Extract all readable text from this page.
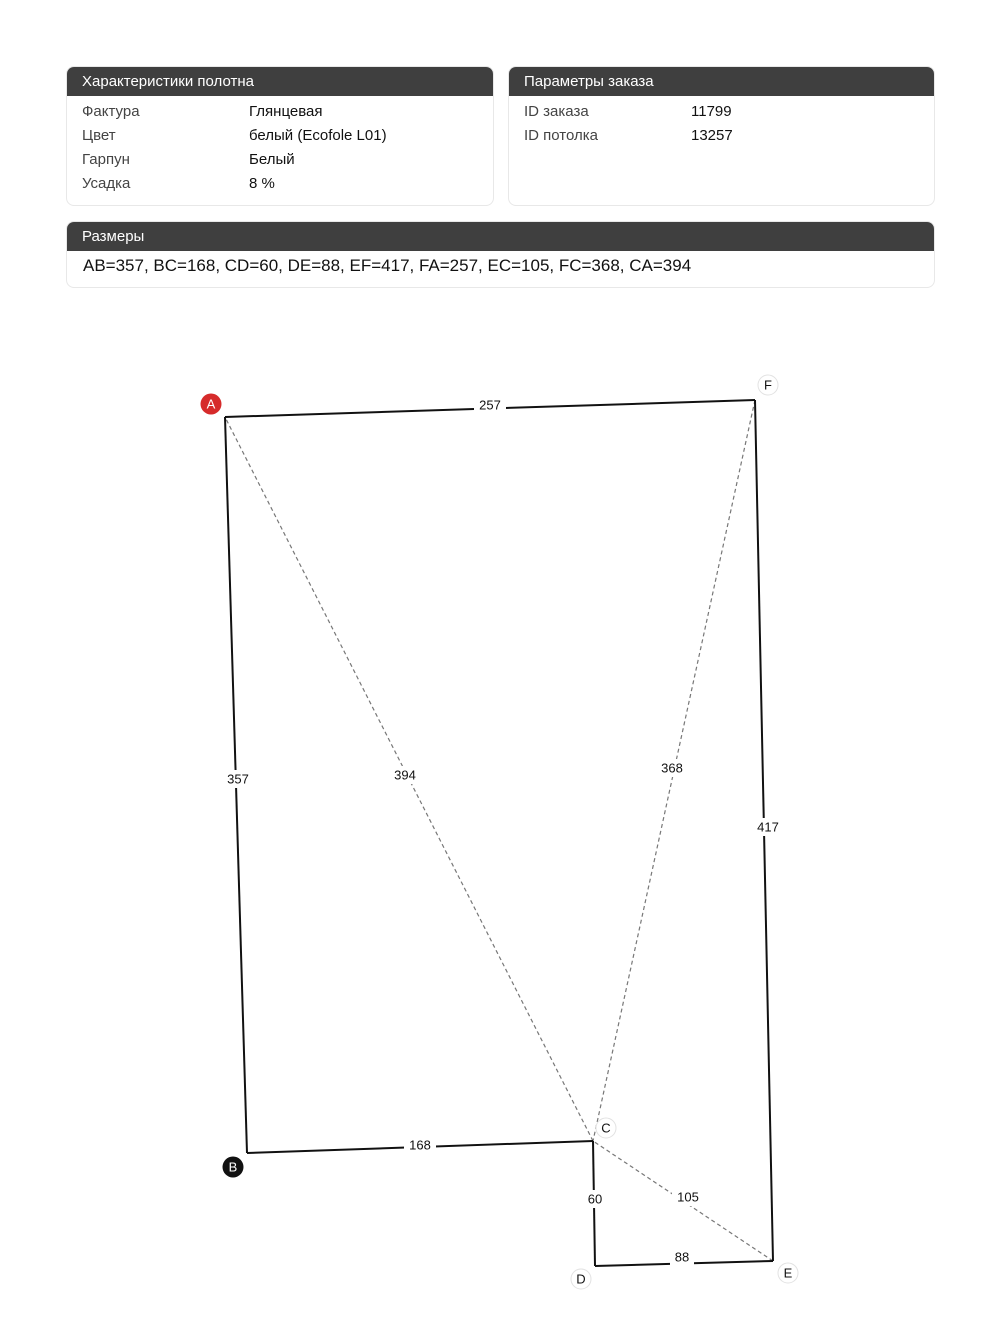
Характеристики полотна
Фактура	Глянцевая
Цвет	белый (Ecofole L01)
Гарпун	Белый
Усадка	8 %
Параметры заказа
ID заказа	11799
ID потолка	13257
Размеры
AB=357, BC=168, CD=60, DE=88, EF=417, FA=257, EC=105, FC=368, CA=394
357
168
60
88
417
257
105
368
394
A
B
C
D	E
F
